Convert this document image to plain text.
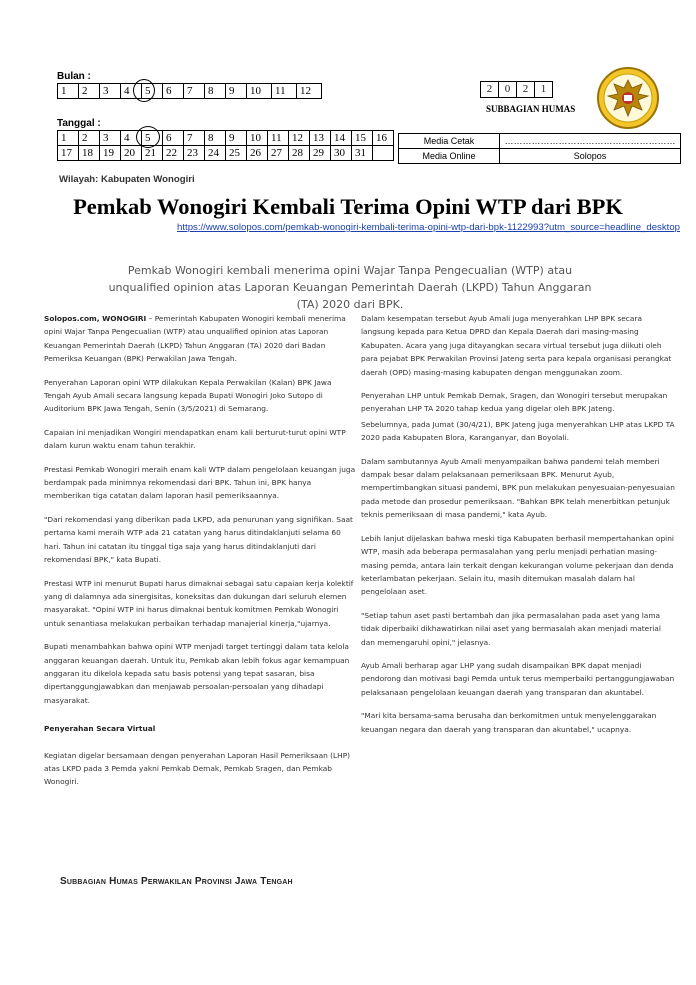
Bulan :
1	2	3	4	5	6	7	8	9	10	11	12
Tanggal :
1	2	3	4	5	6	7	8	9	10	11	12	13	14	15	16
17	18	19	20	21	22	23	24	25	26	27	28	29	30	31	
2	0	2	1
SUBBAGIAN HUMAS
Media Cetak	…………………………………………………
Media Online	Solopos
Wilayah: Kabupaten Wonogiri
Pemkab Wonogiri Kembali Terima Opini WTP dari BPK
https://www.solopos.com/pemkab-wonogiri-kembali-terima-opini-wtp-dari-bpk-1122993?utm_source=headline_desktop
Pemkab Wonogiri kembali menerima opini Wajar Tanpa Pengecualian (WTP) atau unqualified opinion atas Laporan Keuangan Pemerintah Daerah (LKPD) Tahun Anggaran (TA) 2020 dari BPK.

Solopos.com, WONOGIRI – Pemerintah Kabupaten Wonogiri kembali menerima opini Wajar Tanpa Pengecualian (WTP) atau unqualified opinion atas Laporan Keuangan Pemerintah Daerah (LKPD) Tahun Anggaran (TA) 2020 dari Badan Pemeriksa Keuangan (BPK) Perwakilan Jawa Tengah.

Penyerahan Laporan opini WTP dilakukan Kepala Perwakilan (Kalan) BPK Jawa Tengah Ayub Amali secara langsung kepada Bupati Wonogiri Joko Sutopo di Auditorium BPK Jawa Tengah, Senin (3/5/2021) di Semarang.

Capaian ini menjadikan Wongiri mendapatkan enam kali berturut-turut opini WTP dalam kurun waktu enam tahun terakhir.

Prestasi Pemkab Wonogiri meraih enam kali WTP dalam pengelolaan keuangan juga berdampak pada minimnya rekomendasi dari BPK. Tahun ini, BPK hanya memberikan tiga catatan dalam laporan hasil pemeriksaannya.

"Dari rekomendasi yang diberikan pada LKPD, ada penurunan yang signifikan. Saat pertama kami meraih WTP ada 21 catatan yang harus ditindaklanjuti selama 60 hari. Tahun ini catatan itu tinggal tiga saja yang harus ditindaklanjuti dari rekomendasi BPK," kata Bupati.

Prestasi WTP ini menurut Bupati harus dimaknai sebagai satu capaian kerja kolektif yang di dalamnya ada sinergisitas, koneksitas dan dukungan dari seluruh elemen masyarakat. "Opini WTP ini harus dimaknai bentuk komitmen Pemkab Wonogiri untuk senantiasa melakukan perbaikan terhadap manajerial kinerja,"ujarnya.

Bupati menambahkan bahwa opini WTP menjadi target tertinggi dalam tata kelola anggaran keuangan daerah. Untuk itu, Pemkab akan lebih fokus agar kemampuan anggaran itu dikelola kepada satu basis potensi yang tepat sasaran, bisa dipertanggungjawabkan dan menjawab persoalan-persoalan yang dihadapi masyarakat.

Penyerahan Secara Virtual

Kegiatan digelar bersamaan dengan penyerahan Laporan Hasil Pemeriksaan (LHP) atas LKPD pada 3 Pemda yakni Pemkab Demak, Pemkab Sragen, dan Pemkab Wonogiri.

Dalam kesempatan tersebut Ayub Amali juga menyerahkan LHP BPK secara langsung kepada para Ketua DPRD dan Kepala Daerah dari masing-masing Kabupaten. Acara yang juga ditayangkan secara virtual tersebut juga diikuti oleh para pejabat BPK Perwakilan Provinsi Jateng serta para kepala organisasi perangkat daerah (OPD) masing-masing kabupaten dengan menggunakan zoom.

Penyerahan LHP untuk Pemkab Demak, Sragen, dan Wonogiri tersebut merupakan penyerahan LHP TA 2020 tahap kedua yang digelar oleh BPK Jateng.

Sebelumnya, pada Jumat (30/4/21), BPK Jateng juga menyerahkan LHP atas LKPD TA 2020 pada Kabupaten Blora, Karanganyar, dan Boyolali.

Dalam sambutannya Ayub Amali menyampaikan bahwa pandemi telah memberi dampak besar dalam pelaksanaan pemeriksaan BPK. Menurut Ayub, mempertimbangkan situasi pandemi, BPK pun melakukan penyesuaian-penyesuaian pada metode dan prosedur pemeriksaan. "Bahkan BPK telah menerbitkan petunjuk teknis pemeriksaan di masa pandemi," kata Ayub.

Lebih lanjut dijelaskan bahwa meski tiga Kabupaten berhasil mempertahankan opini WTP, masih ada beberapa permasalahan yang perlu menjadi perhatian masing-masing pemda, antara lain terkait dengan kekurangan volume pekerjaan dan denda keterlambatan pekerjaan. Selain itu, masih ditemukan masalah dalam hal pengelolaan aset.

"Setiap tahun aset pasti bertambah dan jika permasalahan pada aset yang lama tidak diperbaiki dikhawatirkan nilai aset yang bermasalah akan menjadi material dan memengaruhi opini," jelasnya.

Ayub Amali berharap agar LHP yang sudah disampaikan BPK dapat menjadi pendorong dan motivasi bagi Pemda untuk terus memperbaiki pertanggungjawaban pelaksanaan pengelolaan keuangan daerah yang transparan dan akuntabel.

"Mari kita bersama-sama berusaha dan berkomitmen untuk menyelenggarakan keuangan negara dan daerah yang transparan dan akuntabel," ucapnya.

Subbagian Humas Perwakilan Provinsi Jawa Tengah
